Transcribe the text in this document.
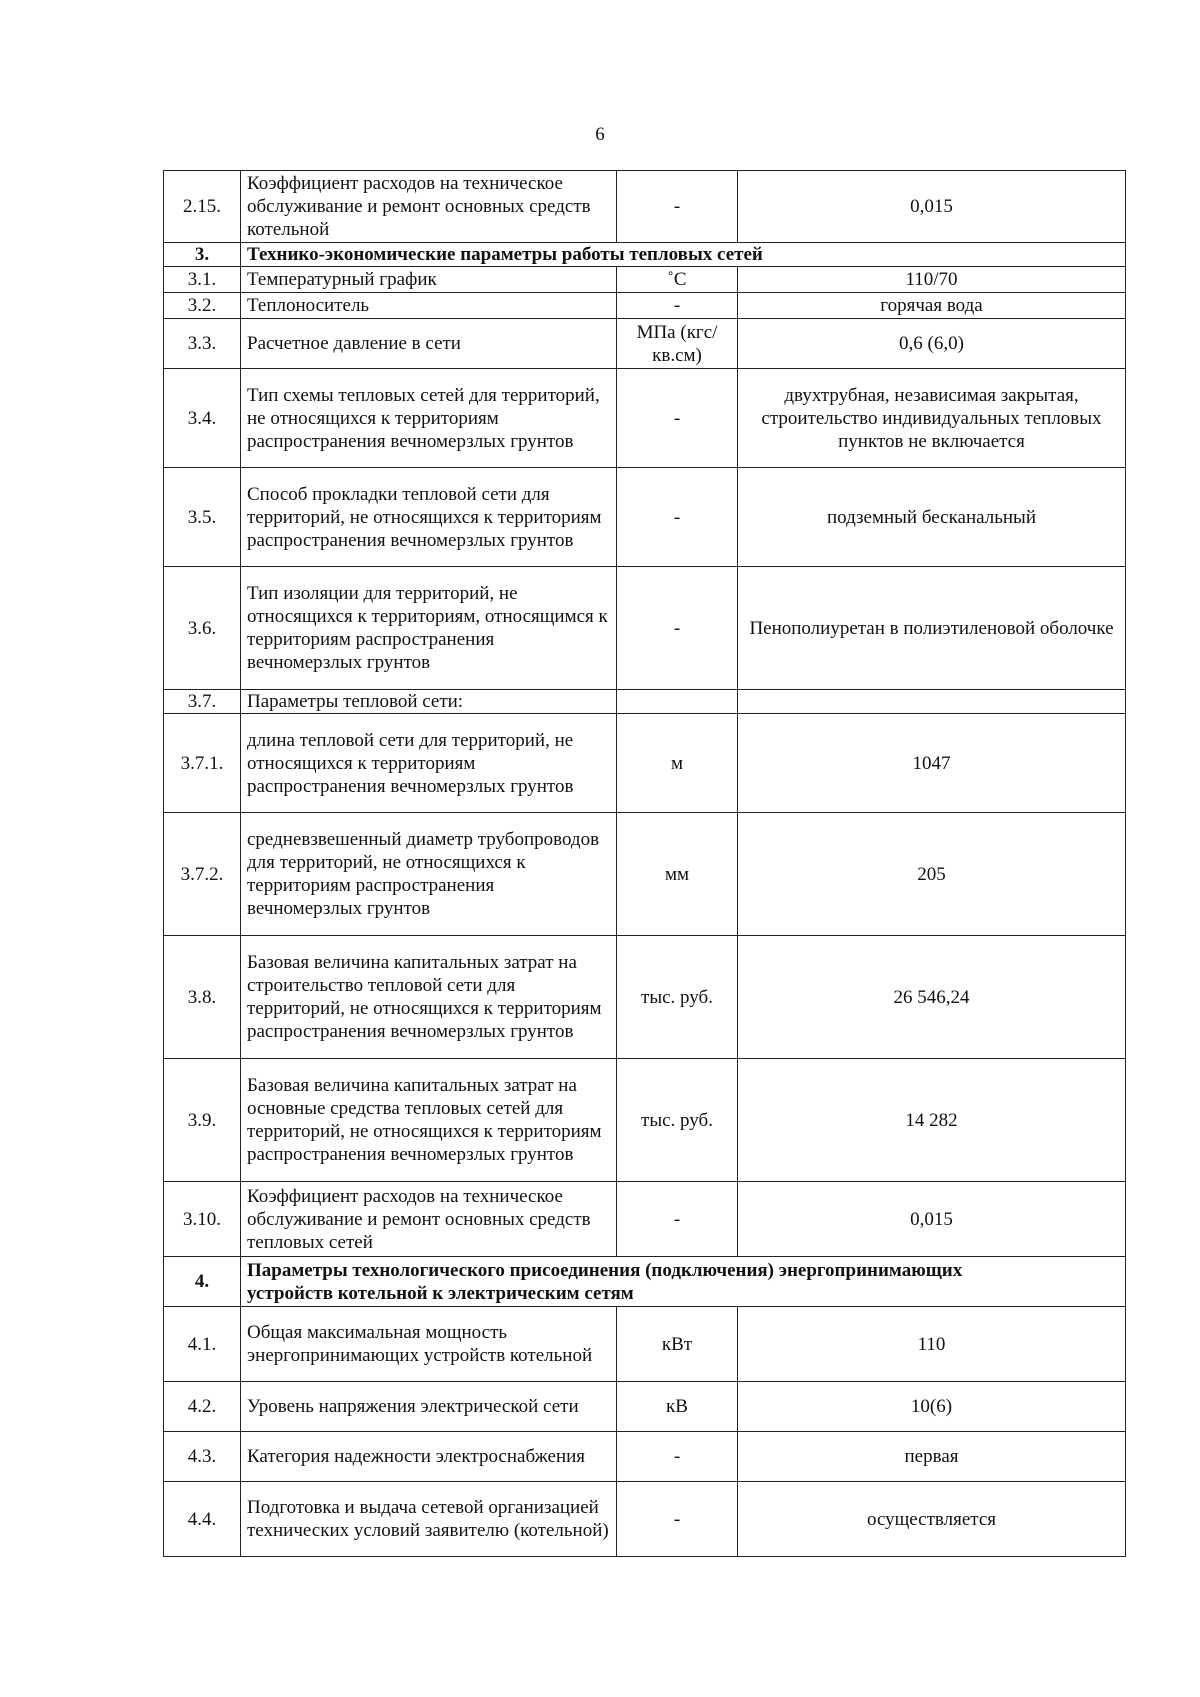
6
2.15.	Коэффициент расходов на техническое обслуживание и ремонт основных средств котельной	-	0,015
3.	Технико-экономические параметры работы тепловых сетей		
3.1.	Температурный график	˚С	110/70
3.2.	Теплоноситель	-	горячая вода
3.3.	Расчетное давление в сети	МПа (кгс/кв.см)	0,6 (6,0)
3.4.	Тип схемы тепловых сетей для территорий, не относящихся к территориям распространения вечномерзлых грунтов	-	двухтрубная, независимая закрытая, строительство индивидуальных тепловых пунктов не включается
3.5.	Способ прокладки тепловой сети для территорий, не относящихся к территориям распространения вечномерзлых грунтов	-	подземный бесканальный
3.6.	Тип изоляции для территорий, не относящихся к территориям, относящимся к территориям распространения вечномерзлых грунтов	-	Пенополиуретан в полиэтиленовой оболочке
3.7.	Параметры тепловой сети:		
3.7.1.	длина тепловой сети для территорий, не относящихся к территориям распространения вечномерзлых грунтов	м	1047
3.7.2.	средневзвешенный диаметр трубопроводов для территорий, не относящихся к территориям распространения вечномерзлых грунтов	мм	205
3.8.	Базовая величина капитальных затрат на строительство тепловой сети для территорий, не относящихся к территориям распространения вечномерзлых грунтов	тыс. руб.	26 546,24
3.9.	Базовая величина капитальных затрат на основные средства тепловых сетей для территорий, не относящихся к территориям распространения вечномерзлых грунтов	тыс. руб.	14 282
3.10.	Коэффициент расходов на техническое обслуживание и ремонт основных средств тепловых сетей	-	0,015
4.	Параметры технологического присоединения (подключения) энергопринимающих
устройств котельной к электрическим сетям		
4.1.	Общая максимальная мощность энергопринимающих устройств котельной	кВт	110
4.2.	Уровень напряжения электрической сети	кВ	10(6)
4.3.	Категория надежности электроснабжения	-	первая
4.4.	Подготовка и выдача сетевой организацией технических условий заявителю (котельной)	-	осуществляется
